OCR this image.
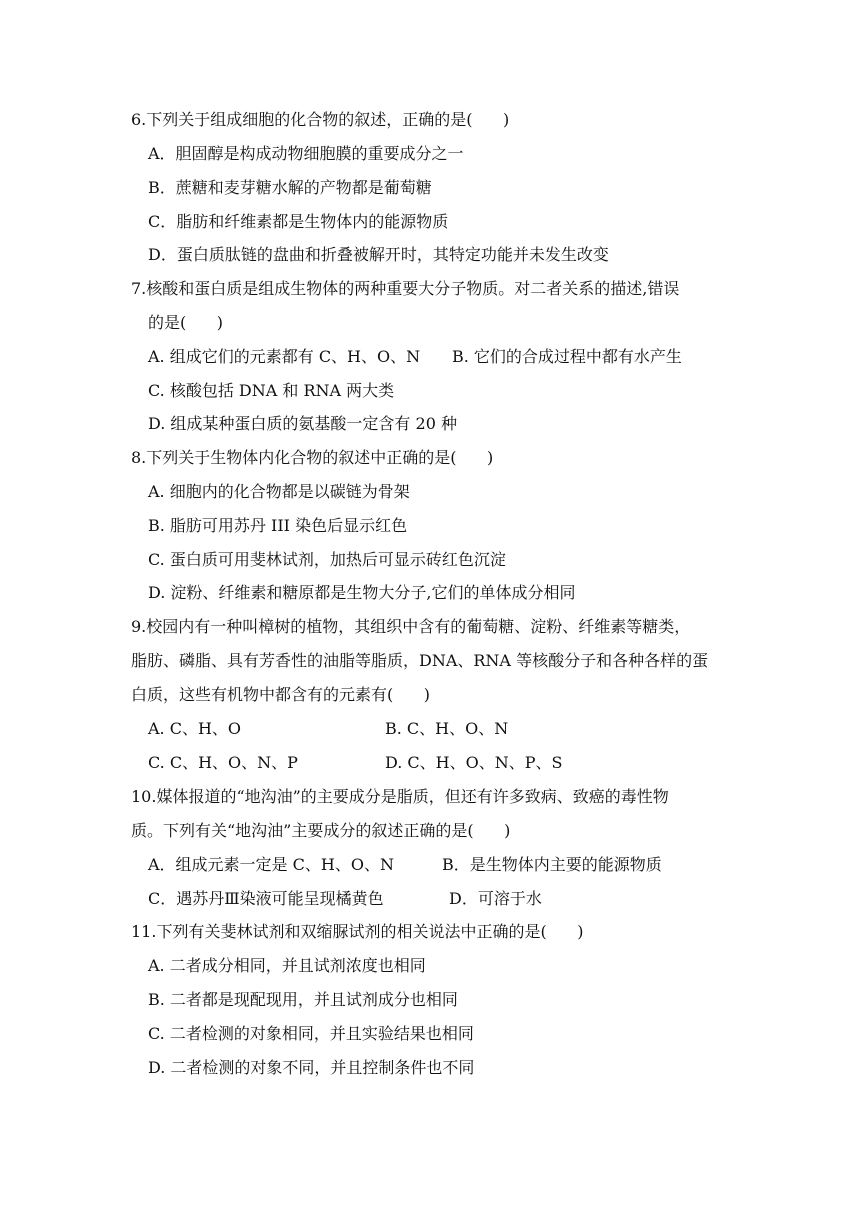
6.下列关于组成细胞的化合物的叙述，正确的是(      )
A．胆固醇是构成动物细胞膜的重要成分之一
B．蔗糖和麦芽糖水解的产物都是葡萄糖
C．脂肪和纤维素都是生物体内的能源物质
D．蛋白质肽链的盘曲和折叠被解开时，其特定功能并未发生改变
7.核酸和蛋白质是组成生物体的两种重要大分子物质。对二者关系的描述,错误
的是(      )
A. 组成它们的元素都有 C、H、O、N B. 它们的合成过程中都有水产生
C. 核酸包括 DNA 和 RNA 两大类
D. 组成某种蛋白质的氨基酸一定含有 20 种
8.下列关于生物体内化合物的叙述中正确的是(      )
A. 细胞内的化合物都是以碳链为骨架
B. 脂肪可用苏丹 III 染色后显示红色
C. 蛋白质可用斐林试剂，加热后可显示砖红色沉淀
D. 淀粉、纤维素和糖原都是生物大分子,它们的单体成分相同
9.校园内有一种叫樟树的植物，其组织中含有的葡萄糖、淀粉、纤维素等糖类，
脂肪、磷脂、具有芳香性的油脂等脂质，DNA、RNA 等核酸分子和各种各样的蛋
白质，这些有机物中都含有的元素有(      )
A. C、H、O	B. C、H、O、N
C. C、H、O、N、P	D. C、H、O、N、P、S
10.媒体报道的“地沟油”的主要成分是脂质，但还有许多致病、致癌的毒性物
质。下列有关“地沟油”主要成分的叙述正确的是(      )
A．组成元素一定是 C、H、O、N	B．是生物体内主要的能源物质
C．遇苏丹Ⅲ染液可能呈现橘黄色	D．可溶于水
11.下列有关斐林试剂和双缩脲试剂的相关说法中正确的是(      )
A. 二者成分相同，并且试剂浓度也相同
B. 二者都是现配现用，并且试剂成分也相同
C. 二者检测的对象相同，并且实验结果也相同
D. 二者检测的对象不同，并且控制条件也不同
